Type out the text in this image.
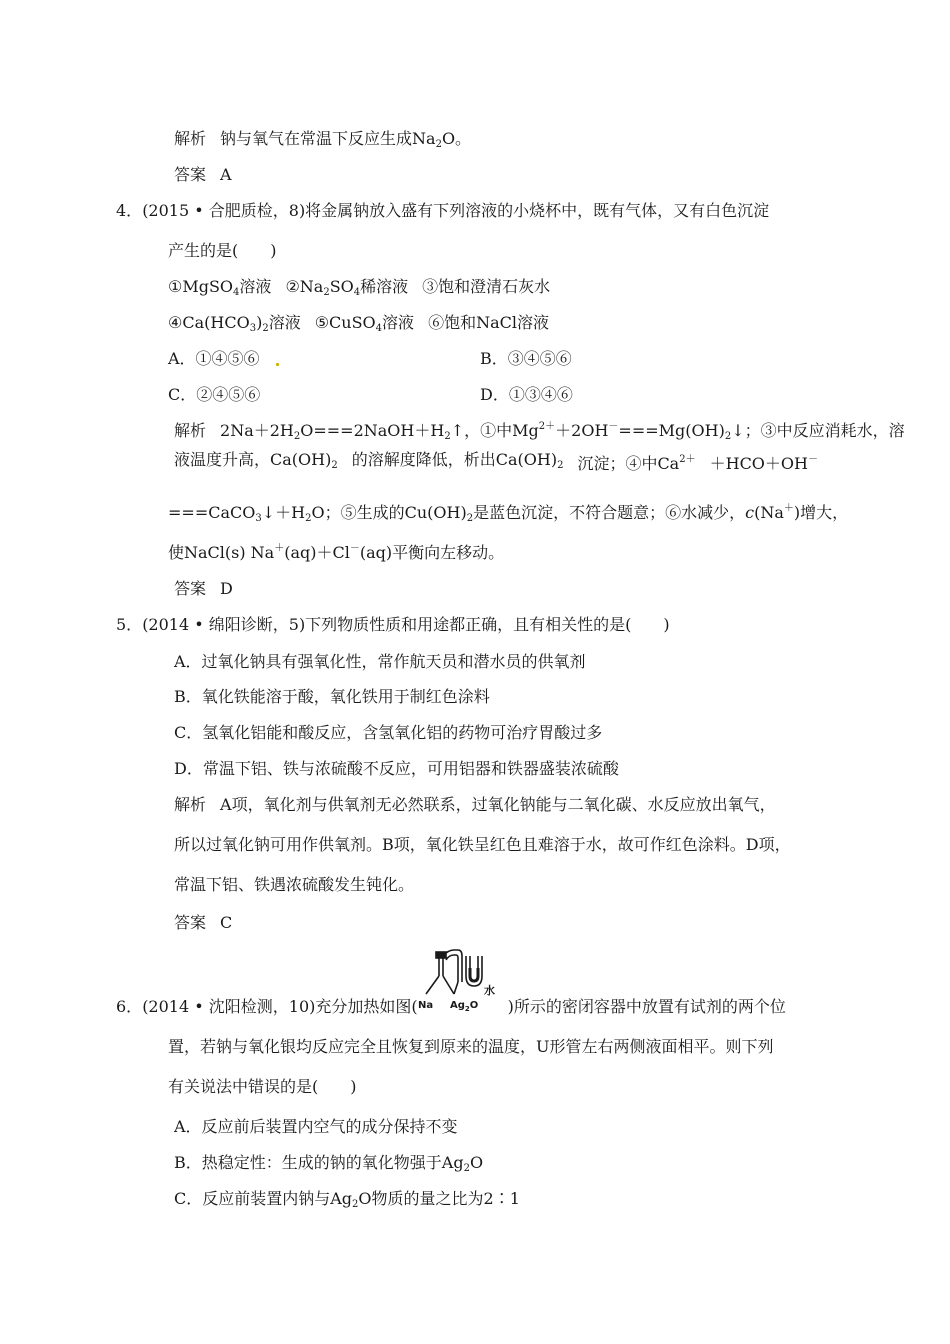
解析 钠与氧气在常温下反应生成$Na_2O$。
答案 A
4．(2015 • 合肥质检，8)将金属钠放入盛有下列溶液的小烧杯中，既有气体，又有白色沉淀
产生的是(　　)
①MgSO$_4$溶液 $②Na_2SO_4$稀溶液 ③饱和澄清石灰水
$④Ca(HCO_3)_2$溶液 ⑤CuSO$_4$溶液 ⑥饱和NaCl溶液
A．①④⑤⑥	B．③④⑤⑥
C．②④⑤⑥	D．①③④⑥
解析 $2Na+2H_2O===2NaOH+H_2↑$，①中$Mg^{2+}+2OH^-===Mg(OH)_2↓$；③中反应消耗水，溶
液温度升高，$Ca(OH)_2$ 的溶解度降低，析出$Ca(OH)_2$ 沉淀；④中$Ca^{2+} +HCO+OH^-$
$===CaCO_3↓+H_2O$；⑤生成的$Cu(OH)_2$是蓝色沉淀，不符合题意；⑥水减少，c(Na＋)增大，
使NaCl(s) Na＋(aq)＋Cl－(aq)平衡向左移动。
答案 D
5．(2014 • 绵阳诊断，5)下列物质性质和用途都正确，且有相关性的是(　　)
A．过氧化钠具有强氧化性，常作航天员和潜水员的供氧剂
B．氧化铁能溶于酸，氧化铁用于制红色涂料
C．氢氧化铝能和酸反应，含氢氧化铝的药物可治疗胃酸过多
D．常温下铝、铁与浓硫酸不反应，可用铝器和铁器盛装浓硫酸
解析 A项，氧化剂与供氧剂无必然联系，过氧化钠能与二氧化碳、水反应放出氧气，
所以过氧化钠可用作供氧剂。B项，氧化铁呈红色且难溶于水，故可作红色涂料。D项，
常温下铝、铁遇浓硫酸发生钝化。
答案 C
6．(2014 • 沈阳检测，10)充分加热如图(	)所示的密闭容器中放置有试剂的两个位
水
Na $Ag_2O$
置，若钠与氧化银均反应完全且恢复到原来的温度，U形管左右两侧液面相平。则下列
有关说法中错误的是(　　)
A．反应前后装置内空气的成分保持不变
B．热稳定性：生成的钠的氧化物强于$Ag_2O$
C．反应前装置内钠与$Ag_2O$物质的量之比为2∶1
